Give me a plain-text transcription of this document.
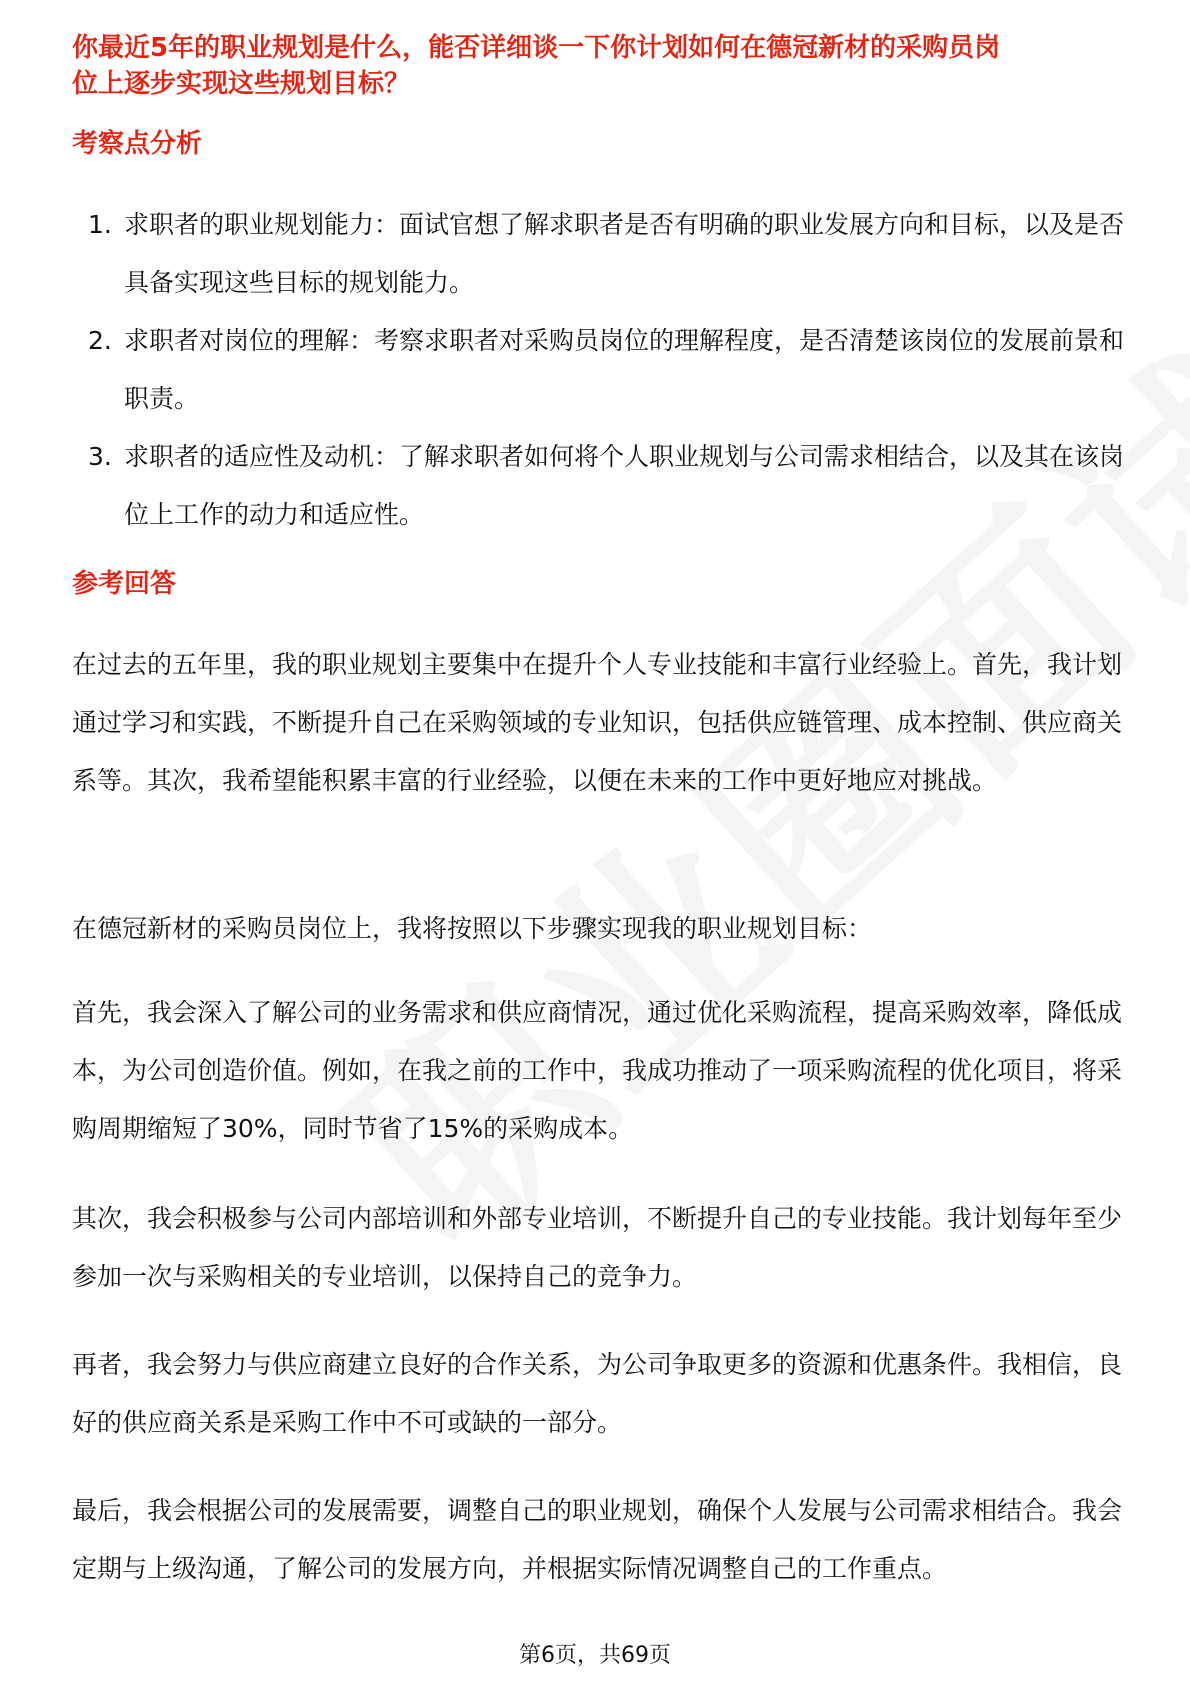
你最近5年的职业规划是什么，能否详细谈一下你计划如何在德冠新材的采购员岗
位上逐步实现这些规划目标？
考察点分析
1. 求职者的职业规划能力：面试官想了解求职者是否有明确的职业发展方向和目标，以及是否具备实现这些目标的规划能力。
2. 求职者对岗位的理解：考察求职者对采购员岗位的理解程度，是否清楚该岗位的发展前景和职责。
3. 求职者的适应性及动机：了解求职者如何将个人职业规划与公司需求相结合，以及其在该岗位上工作的动力和适应性。
参考回答

在过去的五年里，我的职业规划主要集中在提升个人专业技能和丰富行业经验上。首先，我计划通过学习和实践，不断提升自己在采购领域的专业知识，包括供应链管理、成本控制、供应商关系等。其次，我希望能积累丰富的行业经验，以便在未来的工作中更好地应对挑战。

在德冠新材的采购员岗位上，我将按照以下步骤实现我的职业规划目标：

首先，我会深入了解公司的业务需求和供应商情况，通过优化采购流程，提高采购效率，降低成本，为公司创造价值。例如，在我之前的工作中，我成功推动了一项采购流程的优化项目，将采购周期缩短了30%，同时节省了15%的采购成本。

其次，我会积极参与公司内部培训和外部专业培训，不断提升自己的专业技能。我计划每年至少参加一次与采购相关的专业培训，以保持自己的竞争力。

再者，我会努力与供应商建立良好的合作关系，为公司争取更多的资源和优惠条件。我相信，良好的供应商关系是采购工作中不可或缺的一部分。

最后，我会根据公司的发展需要，调整自己的职业规划，确保个人发展与公司需求相结合。我会定期与上级沟通，了解公司的发展方向，并根据实际情况调整自己的工作重点。

第6页，共69页
